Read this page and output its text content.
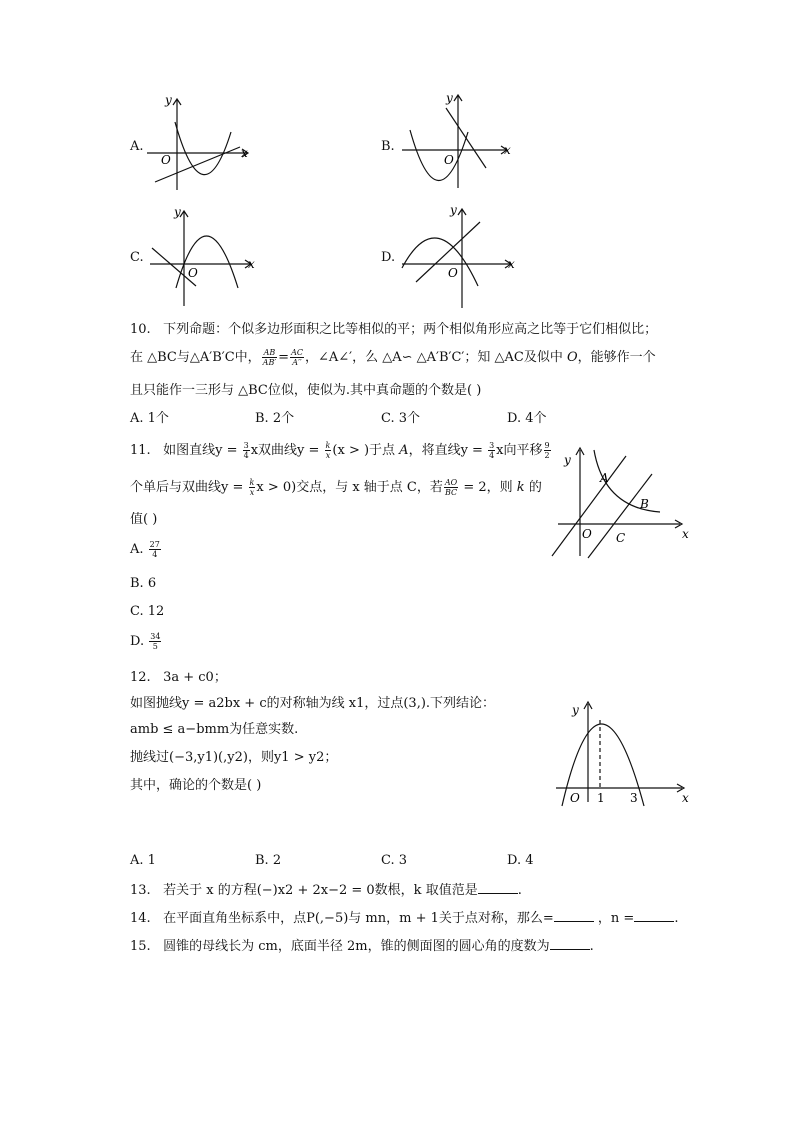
A.	x
y
O
B.	x
y
O
C.	x
y
O
D.	x
y
O
10. 下列命题：个似多边形面积之比等相似的平；两个相似角形应高之比等于它们相似比；
在 △BC与△A′B′C中， $\frac{AB}{AB'} = \frac{AC}{A''}$ ，∠A∠′，么 △A∽ △A′B′C′；知 △AC及似中 O，能够作一个
且只能作一三形与 △BC位似，使似为.其中真命题的个数是( )
A. 1个	B. 2个	C. 3个	D. 4个
11. 如图直线$y = \frac{3}{4}$ x双曲线$y = \frac{k}{x} (x$ > )于点 A，将直线$y = \frac{3}{4}$ x向平移 $\frac{9}{2}$
个单后与双曲线$y = \frac{k}{x}$ x > 0)交点，与 x 轴于点 C，若 $\frac{AO}{BC} = 2$，则 k 的
值( )
A. $\frac{27}{4}$
B. 6
C. 12
D. $\frac{34}{5}$
y
x
O
A
B
C
12. 3a + c0；
如图抛线y = a2bx + c的对称轴为线 x1，过点(3,).下列结论：
amb ≤ a−bmm为任意实数.
抛线过(−3,y1)(,y2)，则y1 > y2；
其中，确论的个数是( )
y
x
O 1 3
A. 1	B. 2	C. 3	D. 4
13. 若关于 x 的方程(−)x2 + 2x−2 = 0数根，k 取值范是	.
14. 在平面直角坐标系中，点P(,−5)与 mn，m + 1关于点对称，那么=	，n =	.
15. 圆锥的母线长为 cm，底面半径 2m，锥的侧面图的圆心角的度数为	.
